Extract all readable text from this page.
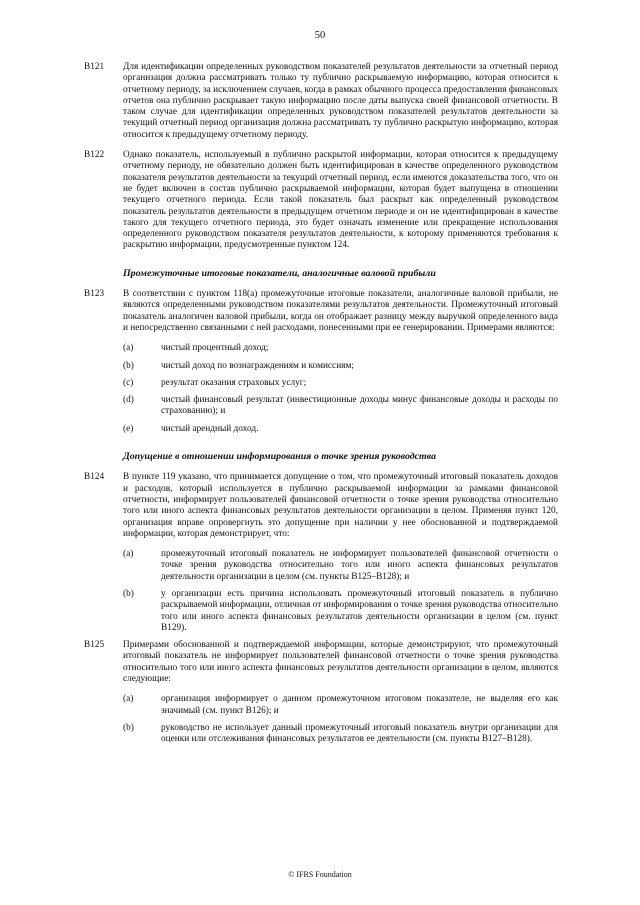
50
B121	Для идентификации определенных руководством показателей результатов деятельности за отчетный период организация должна рассматривать только ту публично раскрываемую информацию, которая относится к отчетному периоду, за исключением случаев, когда в рамках обычного процесса предоставления финансовых отчетов она публично раскрывает такую информацию после даты выпуска своей финансовой отчетности. В таком случае для идентификации определенных руководством показателей результатов деятельности за текущий отчетный период организация должна рассматривать ту публично раскрытую информацию, которая относится к предыдущему отчетному периоду.
B122	Однако показатель, используемый в публично раскрытой информации, которая относится к предыдущему отчетному периоду, не обязательно должен быть идентифицирован в качестве определенного руководством показателя результатов деятельности за текущий отчетный период, если имеются доказательства того, что он не будет включен в состав публично раскрываемой информации, которая будет выпущена в отношении текущего отчетного периода. Если такой показатель был раскрыт как определенный руководством показатель результатов деятельности в предыдущем отчетном периоде и он не идентифицирован в качестве такого для текущего отчетного периода, это будет означать изменение или прекращение использования определенного руководством показателя результатов деятельности, к которому применяются требования к раскрытию информации, предусмотренные пунктом 124.
Промежуточные итоговые показатели, аналогичные валовой прибыли
B123	В соответствии с пунктом 118(a) промежуточные итоговые показатели, аналогичные валовой прибыли, не являются определенными руководством показателями результатов деятельности. Промежуточный итоговый показатель аналогичен валовой прибыли, когда он отображает разницу между выручкой определенного вида и непосредственно связанными с ней расходами, понесенными при ее генерировании. Примерами являются:
(a)	чистый процентный доход;
(b)	чистый доход по вознаграждениям и комиссиям;
(c)	результат оказания страховых услуг;
(d)	чистый финансовый результат (инвестиционные доходы минус финансовые доходы и расходы по страхованию); и
(e)	чистый арендный доход.
Допущение в отношении информирования о точке зрения руководства
B124	В пункте 119 указано, что принимается допущение о том, что промежуточный итоговый показатель доходов и расходов, который используется в публично раскрываемой информации за рамками финансовой отчетности, информирует пользователей финансовой отчетности о точке зрения руководства относительно того или иного аспекта финансовых результатов деятельности организации в целом. Применяя пункт 120, организация вправе опровергнуть это допущение при наличии у нее обоснованной и подтверждаемой информации, которая демонстрирует, что:
(a)	промежуточный итоговый показатель не информирует пользователей финансовой отчетности о точке зрения руководства относительно того или иного аспекта финансовых результатов деятельности организации в целом (см. пункты B125–B128); и
(b)	у организации есть причина использовать промежуточный итоговый показатель в публично раскрываемой информации, отличная от информирования о точке зрения руководства относительно того или иного аспекта финансовых результатов деятельности организации в целом (см. пункт B129).
B125	Примерами обоснованной и подтверждаемой информации, которые демонстрируют, что промежуточный итоговый показатель не информирует пользователей финансовой отчетности о точке зрения руководства относительно того или иного аспекта финансовых результатов деятельности организации в целом, являются следующие:
(a)	организация информирует о данном промежуточном итоговом показателе, не выделяя его как значимый (см. пункт B126); и
(b)	руководство не использует данный промежуточный итоговый показатель внутри организации для оценки или отслеживания финансовых результатов ее деятельности (см. пункты B127–B128).
© IFRS Foundation
